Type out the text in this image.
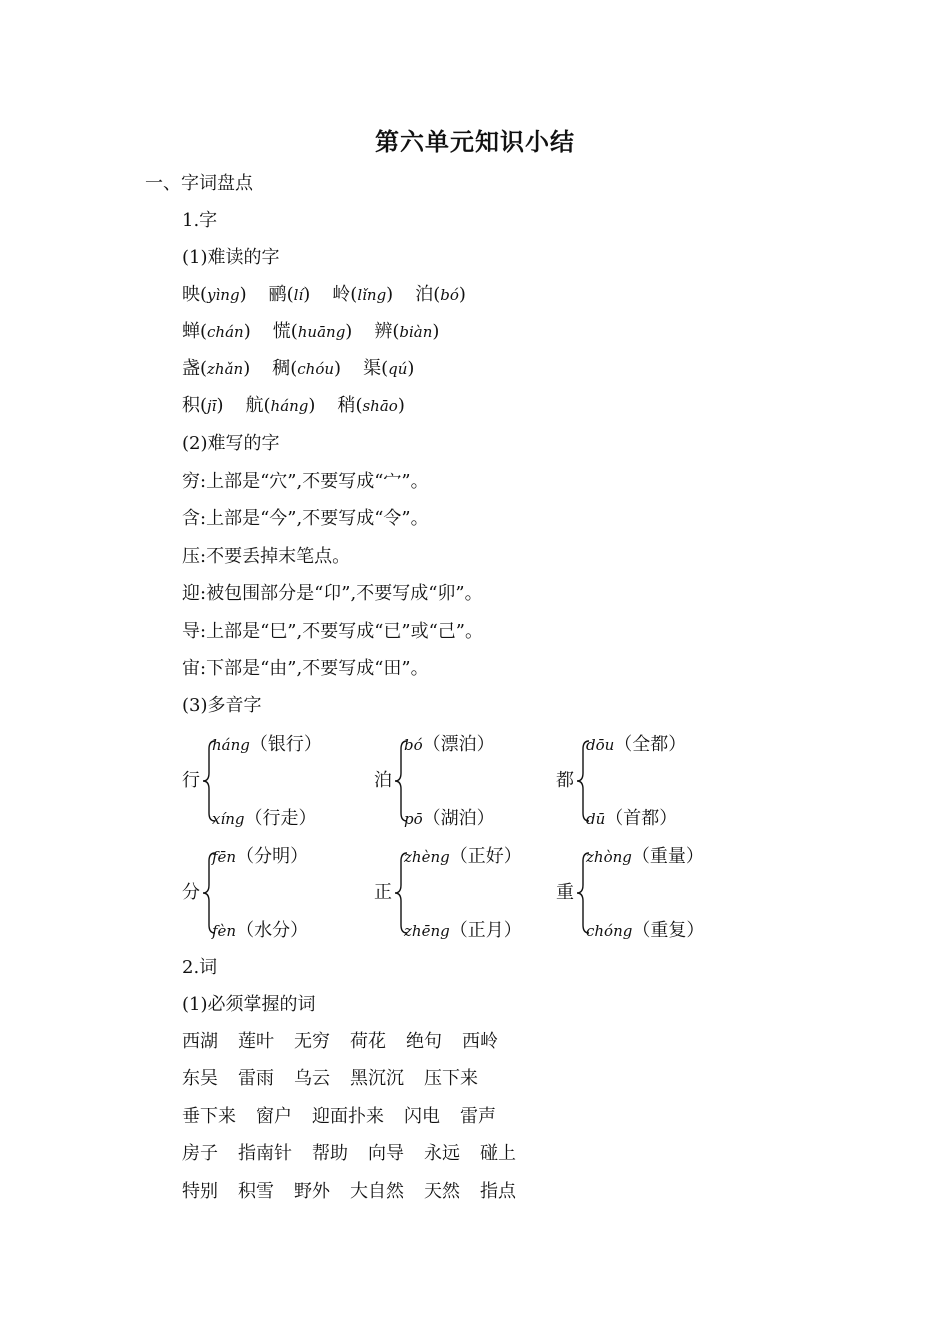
第六单元知识小结
一、字词盘点
1.字
(1)难读的字
映(yìng) 鹂(lí) 岭(lǐng) 泊(bó)
蝉(chán) 慌(huāng) 辨(biàn)
盏(zhǎn) 稠(chóu) 渠(qú)
积(jī) 航(háng) 稍(shāo)
(2)难写的字
穷:上部是“穴”,不要写成“宀”。
含:上部是“今”,不要写成“令”。
压:不要丢掉末笔点。
迎:被包围部分是“卬”,不要写成“卯”。
导:上部是“巳”,不要写成“已”或“己”。
宙:下部是“由”,不要写成“田”。
(3)多音字
行
háng（银行）
xíng（行走）
泊
bó（漂泊）
pō（湖泊）
都
dōu（全都）
dū（首都）
分
fēn（分明）
fèn（水分）
正
zhèng（正好）
zhēng（正月）
重
zhòng（重量）
chóng（重复）
2.词
(1)必须掌握的词
西湖 莲叶 无穷 荷花 绝句 西岭
东吴 雷雨 乌云 黑沉沉 压下来
垂下来 窗户 迎面扑来 闪电 雷声
房子 指南针 帮助 向导 永远 碰上
特别 积雪 野外 大自然 天然 指点
